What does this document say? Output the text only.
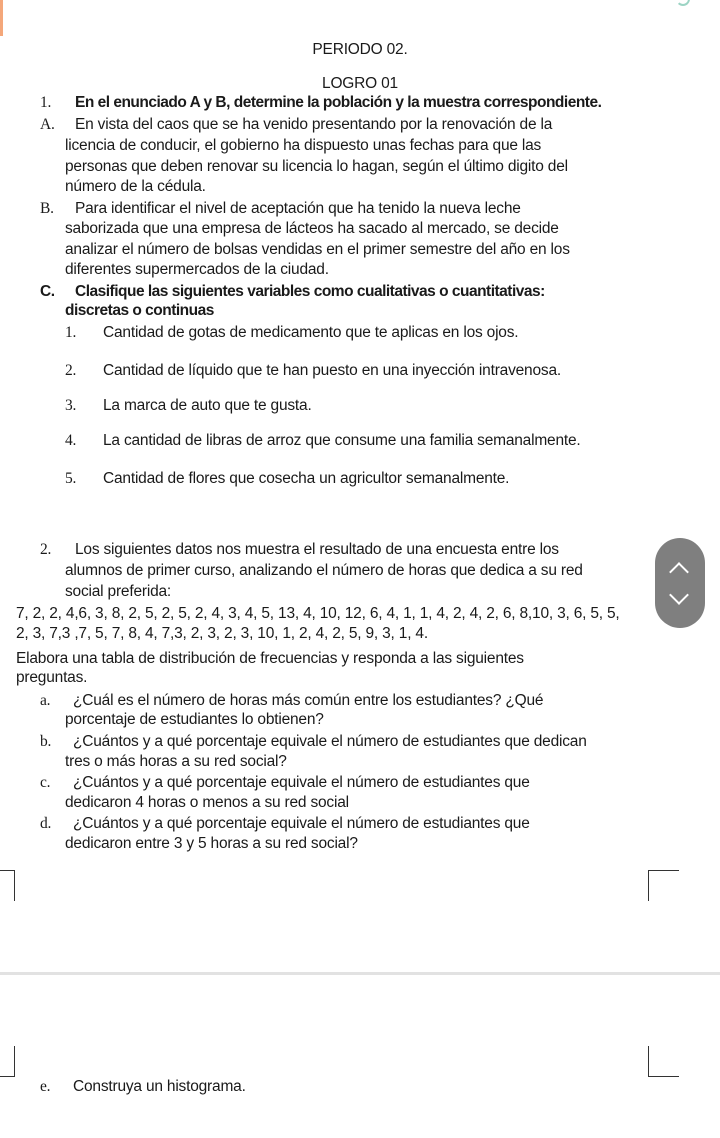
PERIODO 02.
LOGRO 01
1. En el enunciado A y B, determine la población y la muestra correspondiente.
A. En vista del caos que se ha venido presentando por la renovación de la
licencia de conducir, el gobierno ha dispuesto unas fechas para que las
personas que deben renovar su licencia lo hagan, según el último digito del
número de la cédula.
B. Para identificar el nivel de aceptación que ha tenido la nueva leche
saborizada que una empresa de lácteos ha sacado al mercado, se decide
analizar el número de bolsas vendidas en el primer semestre del año en los
diferentes supermercados de la ciudad.
C. Clasifique las siguientes variables como cualitativas o cuantitativas:
discretas o continuas
1. Cantidad de gotas de medicamento que te aplicas en los ojos.
2. Cantidad de líquido que te han puesto en una inyección intravenosa.
3. La marca de auto que te gusta.
4. La cantidad de libras de arroz que consume una familia semanalmente.
5. Cantidad de flores que cosecha un agricultor semanalmente.
2. Los siguientes datos nos muestra el resultado de una encuesta entre los
alumnos de primer curso, analizando el número de horas que dedica a su red
social preferida:
7, 2, 2, 4,6, 3, 8, 2, 5, 2, 5, 2, 4, 3, 4, 5, 13, 4, 10, 12, 6, 4, 1, 1, 4, 2, 4, 2, 6, 8,10, 3, 6, 5, 5,
2, 3, 7,3 ,7, 5, 7, 8, 4, 7,3, 2, 3, 2, 3, 10, 1, 2, 4, 2, 5, 9, 3, 1, 4.
Elabora una tabla de distribución de frecuencias y responda a las siguientes
preguntas.
a. ¿Cuál es el número de horas más común entre los estudiantes? ¿Qué
porcentaje de estudiantes lo obtienen?
b. ¿Cuántos y a qué porcentaje equivale el número de estudiantes que dedican
tres o más horas a su red social?
c. ¿Cuántos y a qué porcentaje equivale el número de estudiantes que
dedicaron 4 horas o menos a su red social
d. ¿Cuántos y a qué porcentaje equivale el número de estudiantes que
dedicaron entre 3 y 5 horas a su red social?
e. Construya un histograma.
